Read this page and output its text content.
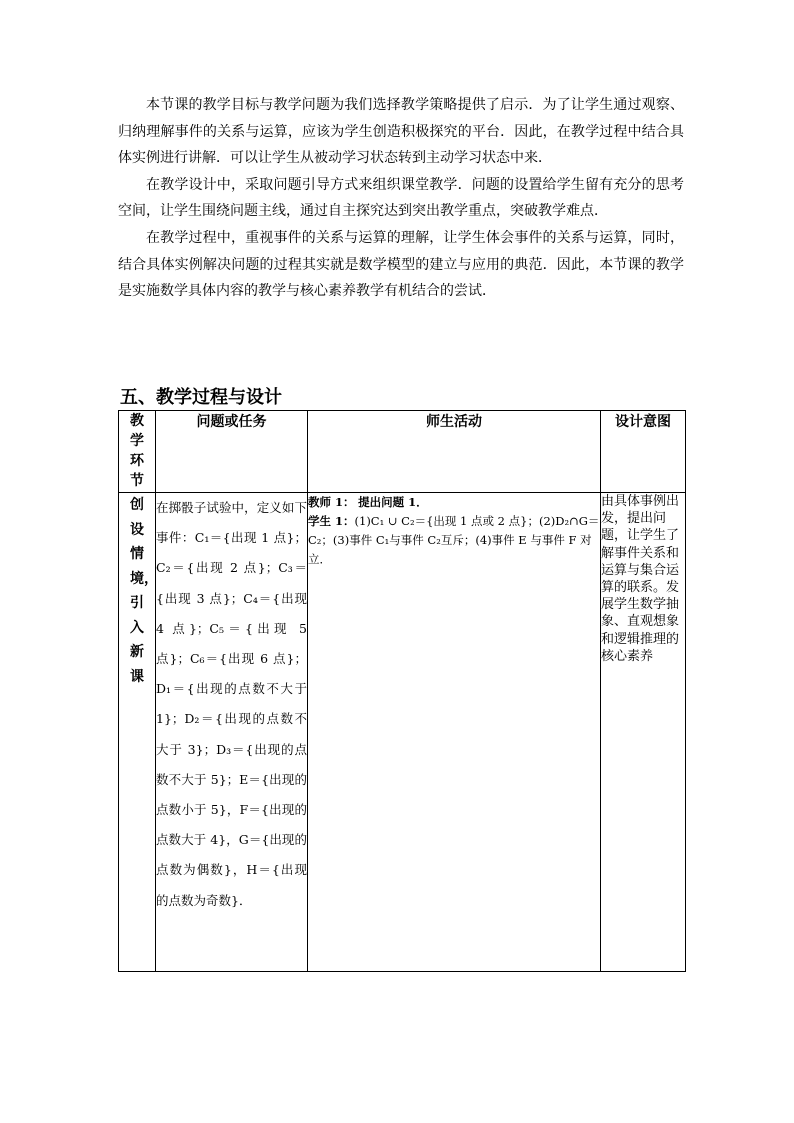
本节课的教学目标与教学问题为我们选择教学策略提供了启示．为了让学生通过观察、归纳理解事件的关系与运算，应该为学生创造积极探究的平台．因此，在教学过程中结合具体实例进行讲解．可以让学生从被动学习状态转到主动学习状态中来．

在教学设计中，采取问题引导方式来组织课堂教学．问题的设置给学生留有充分的思考空间，让学生围绕问题主线，通过自主探究达到突出教学重点，突破教学难点．

在教学过程中，重视事件的关系与运算的理解，让学生体会事件的关系与运算，同时，结合具体实例解决问题的过程其实就是数学模型的建立与应用的典范．因此，本节课的教学是实施数学具体内容的教学与核心素养教学有机结合的尝试．

五、教学过程与设计
教学环节	问题或任务	师生活动	设计意图

创设情境，引入新课	在掷骰子试验中，定义如下事件：C₁＝{出现 1 点}；C₂＝{出现 2 点}；C₃＝{出现 3 点}；C₄＝{出现 4 点}；C₅＝{出现 5 点}；C₆＝{出现 6 点}；D₁＝{出现的点数不大于 1}；D₂＝{出现的点数不大于 3}；D₃＝{出现的点数不大于 5}；E＝{出现的点数小于 5}，F＝{出现的点数大于 4}，G＝{出现的点数为偶数}，H＝{出现的点数为奇数}．	教师 1： 提出问题 1．
学生 1：(1)C₁ ∪ C₂＝{出现 1 点或 2 点}；(2)D₂∩G＝C₂；(3)事件 C₁与事件 C₂互斥；(4)事件 E 与事件 F 对立．	由具体事例出发，提出问题，让学生了解事件关系和运算与集合运算的联系。发展学生数学抽象、直观想象和逻辑推理的核心素养
